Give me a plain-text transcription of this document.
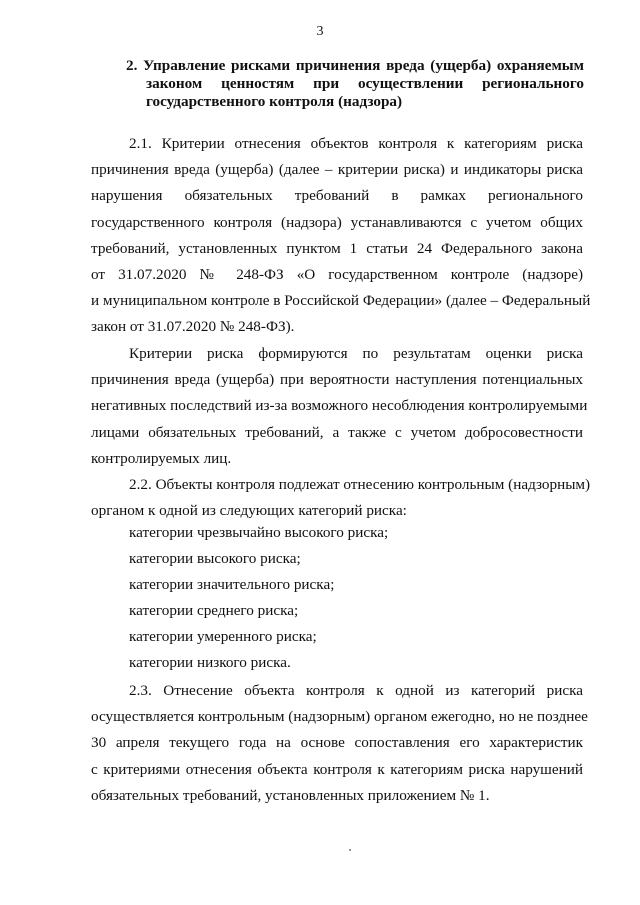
3
2. Управление рисками причинения вреда (ущерба) охраняемым
законом ценностям при осуществлении регионального
государственного контроля (надзора)
2.1. Критерии отнесения объектов контроля к категориям риска
причинения вреда (ущерба) (далее – критерии риска) и индикаторы риска
нарушения обязательных требований в рамках регионального
государственного контроля (надзора) устанавливаются с учетом общих
требований, установленных пунктом 1 статьи 24 Федерального закона
от 31.07.2020 № 248-ФЗ «О государственном контроле (надзоре)
и муниципальном контроле в Российской Федерации» (далее – Федеральный
закон от 31.07.2020 № 248-ФЗ).
Критерии риска формируются по результатам оценки риска
причинения вреда (ущерба) при вероятности наступления потенциальных
негативных последствий из-за возможного несоблюдения контролируемыми
лицами обязательных требований, а также с учетом добросовестности
контролируемых лиц.
2.2. Объекты контроля подлежат отнесению контрольным (надзорным)
органом к одной из следующих категорий риска:
категории чрезвычайно высокого риска;
категории высокого риска;
категории значительного риска;
категории среднего риска;
категории умеренного риска;
категории низкого риска.
2.3. Отнесение объекта контроля к одной из категорий риска
осуществляется контрольным (надзорным) органом ежегодно, но не позднее
30 апреля текущего года на основе сопоставления его характеристик
с критериями отнесения объекта контроля к категориям риска нарушений
обязательных требований, установленных приложением № 1.
